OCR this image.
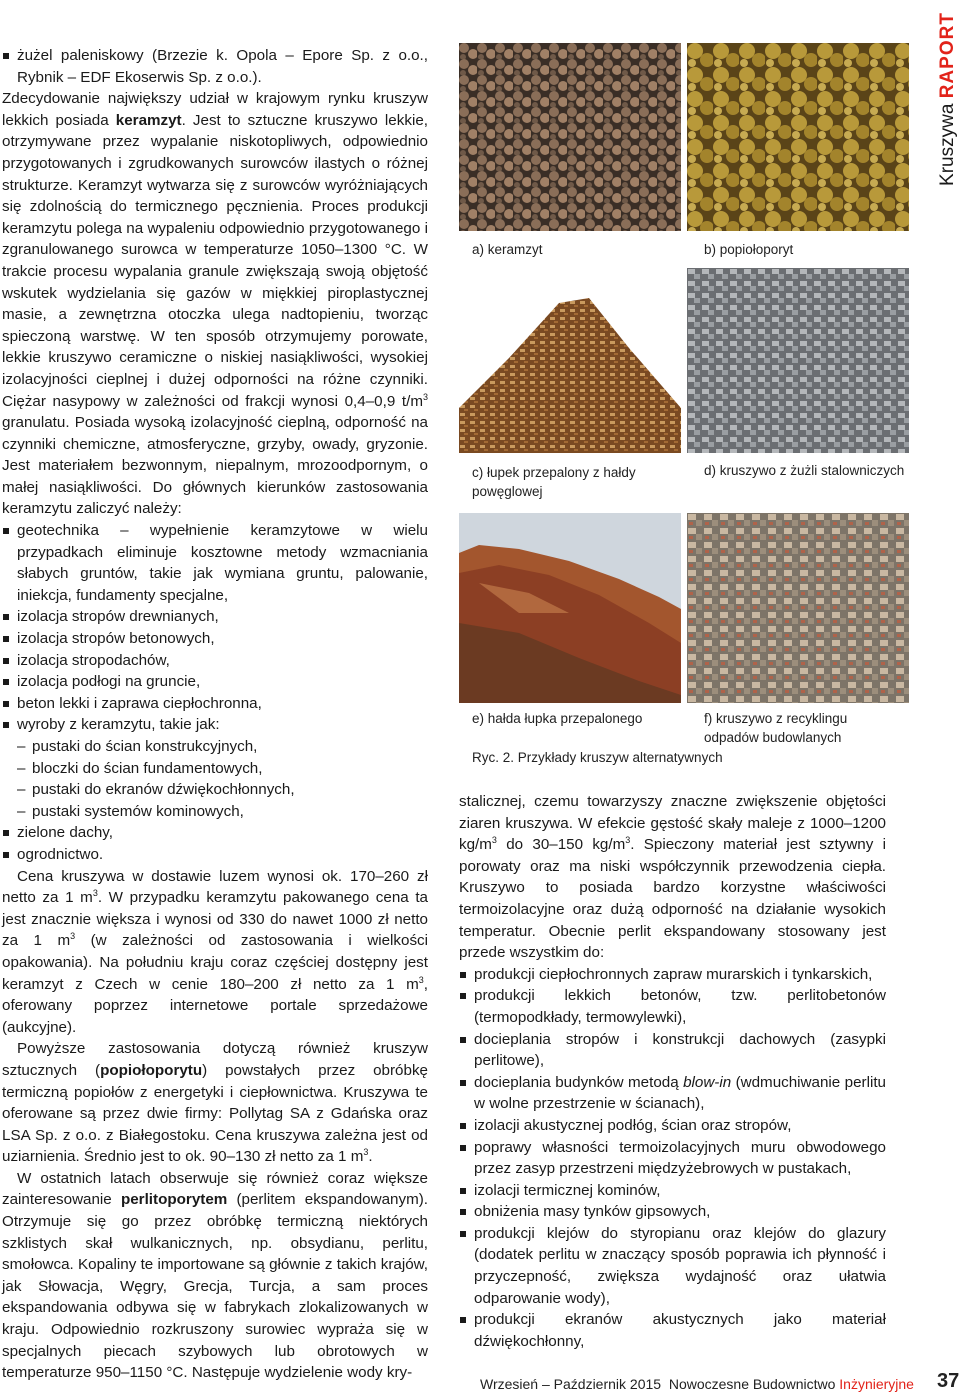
Kruszywa RAPORT
żużel paleniskowy (Brzezie k. Opola – Epore Sp. z o.o., Rybnik – EDF Ekoserwis Sp. z o.o.).

Zdecydowanie największy udział w krajowym rynku kruszyw lekkich posiada keramzyt. Jest to sztuczne kruszywo lekkie, otrzymywane przez wypalanie niskotopliwych, odpowiednio przygotowanych i zgrudkowanych surowców ilastych o różnej strukturze. Keramzyt wytwarza się z surowców wyróżniających się zdolnością do termicznego pęcznienia. Proces produkcji keramzytu polega na wypaleniu odpowiednio przygotowanego i zgranulowanego surowca w temperaturze 1050–1300 °C. W trakcie procesu wypalania granule zwiększają swoją objętość wskutek wydzielania się gazów w miękkiej piroplastycznej masie, a zewnętrzna otoczka ulega nadtopieniu, tworząc spieczoną warstwę. W ten sposób otrzymujemy porowate, lekkie kruszywo ceramiczne o niskiej nasiąkliwości, wysokiej izolacyjności cieplnej i dużej odporności na różne czynniki. Ciężar nasypowy w zależności od frakcji wynosi 0,4–0,9 $t/m^3$ granulatu. Posiada wysoką izolacyjność cieplną, odporność na czynniki chemiczne, atmosferyczne, grzyby, owady, gryzonie. Jest materiałem bezwonnym, niepalnym, mrozoodpornym, o małej nasiąkliwości. Do głównych kierunków zastosowania keramzytu zaliczyć należy:

geotechnika – wypełnienie keramzytowe w wielu przypadkach eliminuje kosztowne metody wzmacniania słabych gruntów, takie jak wymiana gruntu, palowanie, iniekcja, fundamenty specjalne,
izolacja stropów drewnianych,
izolacja stropów betonowych,
izolacja stropodachów,
izolacja podłogi na gruncie,
beton lekki i zaprawa ciepłochronna,
wyroby z keramzytu, takie jak:
– pustaki do ścian konstrukcyjnych,
– bloczki do ścian fundamentowych,
– pustaki do ekranów dźwiękochłonnych,
– pustaki systemów kominowych,
zielone dachy,
ogrodnictwo.

Cena kruszywa w dostawie luzem wynosi ok. 170–260 zł netto za 1 $m^3$. W przypadku keramzytu pakowanego cena ta jest znacznie większa i wynosi od 330 do nawet 1000 zł netto za 1 $m^3$ (w zależności od zastosowania i wielkości opakowania). Na południu kraju coraz częściej dostępny jest keramzyt z Czech w cenie 180–200 zł netto za 1 $m^3$, oferowany poprzez internetowe portale sprzedażowe (aukcyjne).

Powyższe zastosowania dotyczą również kruszyw sztucznych (popiołoporytu) powstałych przez obróbkę termiczną popiołów z energetyki i ciepłownictwa. Kruszywa te oferowane są przez dwie firmy: Pollytag SA z Gdańska oraz LSA Sp. z o.o. z Białegostoku. Cena kruszywa zależna jest od uziarnienia. Średnio jest to ok. 90–130 zł netto za 1 $m^3$.

W ostatnich latach obserwuje się również coraz większe zainteresowanie perlitoporytem (perlitem ekspandowanym). Otrzymuje się go przez obróbkę termiczną niektórych szklistych skał wulkanicznych, np. obsydianu, perlitu, smołowca. Kopaliny te importowane są głównie z takich krajów, jak Słowacja, Węgry, Grecja, Turcja, a sam proces ekspandowania odbywa się w fabrykach zlokalizowanych w kraju. Odpowiednio rozkruszony surowiec wypraża się w specjalnych piecach szybowych lub obrotowych w temperaturze 950–1150 °C. Następuje wydzielenie wody kry-

a) keramzyt	b) popiołoporyt
c) łupek przepalony z hałdy powęglowej
d) kruszywo z żużli stalowniczych
e) hałda łupka przepalonego	f) kruszywo z recyklingu odpadów budowlanych
Ryc. 2. Przykłady kruszyw alternatywnych

stalicznej, czemu towarzyszy znaczne zwiększenie objętości ziaren kruszywa. W efekcie gęstość skały maleje z 1000–1200 $kg/m^3$ do 30–150 $kg/m^3$. Spieczony materiał jest sztywny i porowaty oraz ma niski współczynnik przewodzenia ciepła. Kruszywo to posiada bardzo korzystne właściwości termoizolacyjne oraz dużą odporność na działanie wysokich temperatur. Obecnie perlit ekspandowany stosowany jest przede wszystkim do:

produkcji ciepłochronnych zapraw murarskich i tynkarskich,
produkcji lekkich betonów, tzw. perlitobetonów (termopodkłady, termowylewki),
docieplania stropów i konstrukcji dachowych (zasypki perlitowe),
docieplania budynków metodą blow-in (wdmuchiwanie perlitu w wolne przestrzenie w ścianach),
izolacji akustycznej podłóg, ścian oraz stropów,
poprawy własności termoizolacyjnych muru obwodowego przez zasyp przestrzeni międzyżebrowych w pustakach,
izolacji termicznej kominów,
obniżenia masy tynków gipsowych,
produkcji klejów do styropianu oraz klejów do glazury (dodatek perlitu w znaczący sposób poprawia ich płynność i przyczepność, zwiększa wydajność oraz ułatwia odparowanie wody),
produkcji ekranów akustycznych jako materiał dźwiękochłonny,
Wrzesień – Październik 2015 Nowoczesne Budownictwo Inżynieryjne 37
